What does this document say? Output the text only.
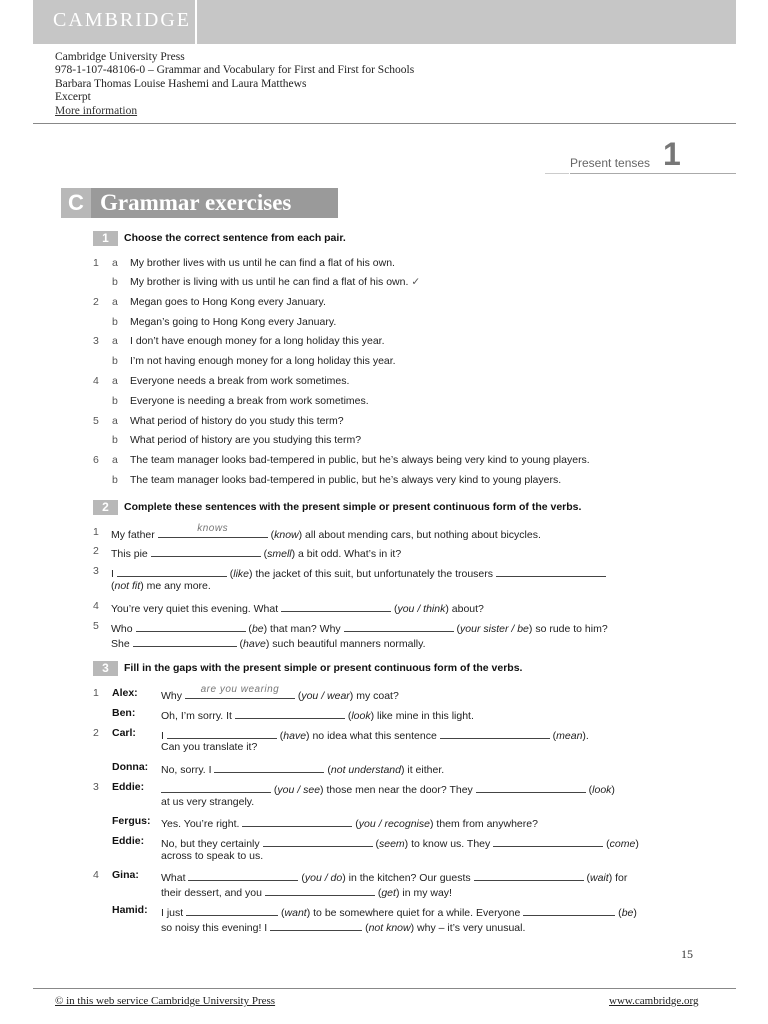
CAMBRIDGE
Cambridge University Press
978-1-107-48106-0 – Grammar and Vocabulary for First and First for Schools
Barbara Thomas Louise Hashemi and Laura Matthews
Excerpt
More information
Present tenses 1
C Grammar exercises
1	Choose the correct sentence from each pair.
1 a My brother lives with us until he can find a flat of his own.
b My brother is living with us until he can find a flat of his own. ✓
2 a Megan goes to Hong Kong every January.
b Megan’s going to Hong Kong every January.
3 a I don’t have enough money for a long holiday this year.
b I’m not having enough money for a long holiday this year.
4 a Everyone needs a break from work sometimes.
b Everyone is needing a break from work sometimes.
5 a What period of history do you study this term?
b What period of history are you studying this term?
6 a The team manager looks bad-tempered in public, but he’s always being very kind to young players.
b The team manager looks bad-tempered in public, but he’s always very kind to young players.
2	Complete these sentences with the present simple or present continuous form of the verbs.
1 My father
knows
(know) all about mending cars, but nothing about bicycles.
2 This pie	(smell) a bit odd. What’s in it?
3 I	(like) the jacket of this suit, but unfortunately the trousers
(not fit) me any more.
4 You’re very quiet this evening. What	(you / think) about?
5 Who	(be) that man? Why	(your sister / be) so rude to him?
She	(have) such beautiful manners normally.
3	Fill in the gaps with the present simple or present continuous form of the verbs.
1 Alex: Why
are you wearing
(you / wear) my coat?
Ben: Oh, I’m sorry. It	(look) like mine in this light.
2 Carl: I	(have) no idea what this sentence	(mean).
Can you translate it?
Donna: No, sorry. I	(not understand) it either.
3 Eddie:	(you / see) those men near the door? They	(look)
at us very strangely.
Fergus: Yes. You’re right.	(you / recognise) them from anywhere?
Eddie: No, but they certainly	(seem) to know us. They	(come)
across to speak to us.
4 Gina: What	(you / do) in the kitchen? Our guests	(wait) for
their dessert, and you	(get) in my way!
Hamid: I just	(want) to be somewhere quiet for a while. Everyone	(be)
so noisy this evening! I	(not know) why – it’s very unusual.
15
© in this web service Cambridge University Press	www.cambridge.org
